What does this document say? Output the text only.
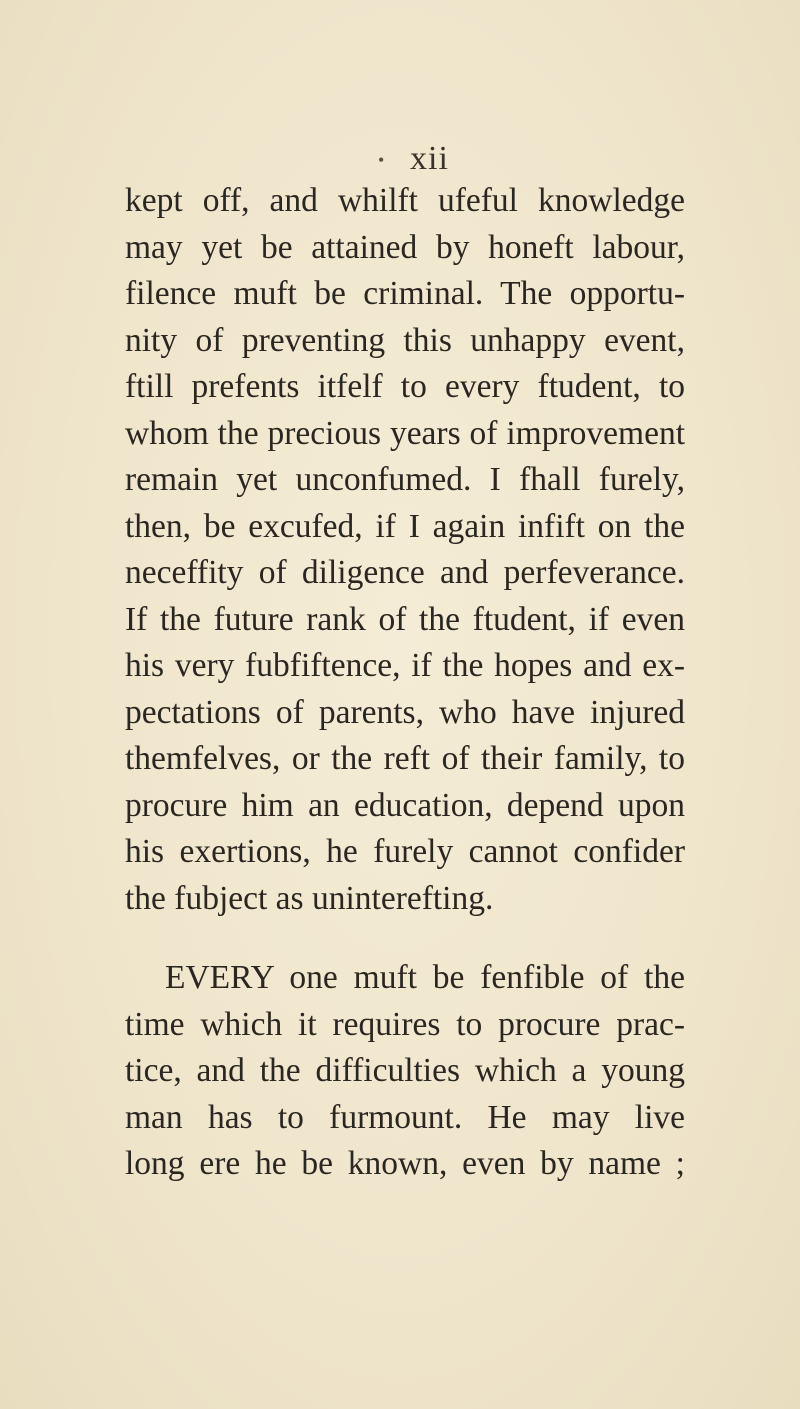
• xii
kept off, and whilft ufeful knowledge
may yet be attained by honeft labour,
filence muft be criminal. The opportu-
nity of preventing this unhappy event,
ftill prefents itfelf to every ftudent, to
whom the precious years of improvement
remain yet unconfumed. I fhall furely,
then, be excufed, if I again infift on the
neceffity of diligence and perfeverance.
If the future rank of the ftudent, if even
his very fubfiftence, if the hopes and ex-
pectations of parents, who have injured
themfelves, or the reft of their family, to
procure him an education, depend upon
his exertions, he furely cannot confider
the fubject as uninterefting.
EVERY one muft be fenfible of the
time which it requires to procure prac-
tice, and the difficulties which a young
man has to furmount. He may live
long ere he be known, even by name ;
